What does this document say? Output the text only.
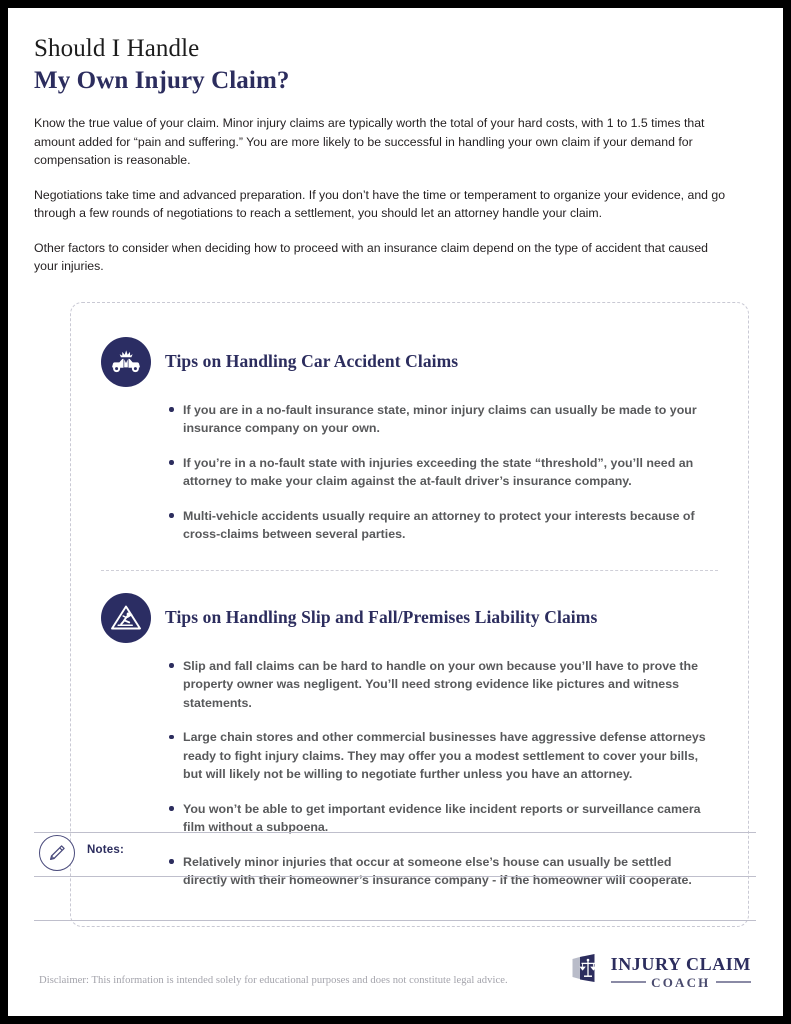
Should I Handle
My Own Injury Claim?

Know the true value of your claim. Minor injury claims are typically worth the total of your hard costs, with 1 to 1.5 times that amount added for “pain and suffering.” You are more likely to be successful in handling your own claim if your demand for compensation is reasonable.

Negotiations take time and advanced preparation. If you don’t have the time or temperament to organize your evidence, and go through a few rounds of negotiations to reach a settlement, you should let an attorney handle your claim.

Other factors to consider when deciding how to proceed with an insurance claim depend on the type of accident that caused your injuries.

Tips on Handling Car Accident Claims
If you are in a no-fault insurance state, minor injury claims can usually be made to your insurance company on your own.
If you’re in a no-fault state with injuries exceeding the state “threshold”, you’ll need an attorney to make your claim against the at-fault driver’s insurance company.
Multi-vehicle accidents usually require an attorney to protect your interests because of cross-claims between several parties.
Tips on Handling Slip and Fall/Premises Liability Claims
Slip and fall claims can be hard to handle on your own because you’ll have to prove the property owner was negligent. You’ll need strong evidence like pictures and witness statements.
Large chain stores and other commercial businesses have aggressive defense attorneys ready to fight injury claims. They may offer you a modest settlement to cover your bills, but will likely not be willing to negotiate further unless you have an attorney.
You won’t be able to get important evidence like incident reports or surveillance camera film without a subpoena.
Relatively minor injuries that occur at someone else’s house can usually be settled directly with their homeowner’s insurance company - if the homeowner will cooperate.
Notes:
Disclaimer: This information is intended solely for educational purposes and does not constitute legal advice.
INJURY CLAIM
COACH
